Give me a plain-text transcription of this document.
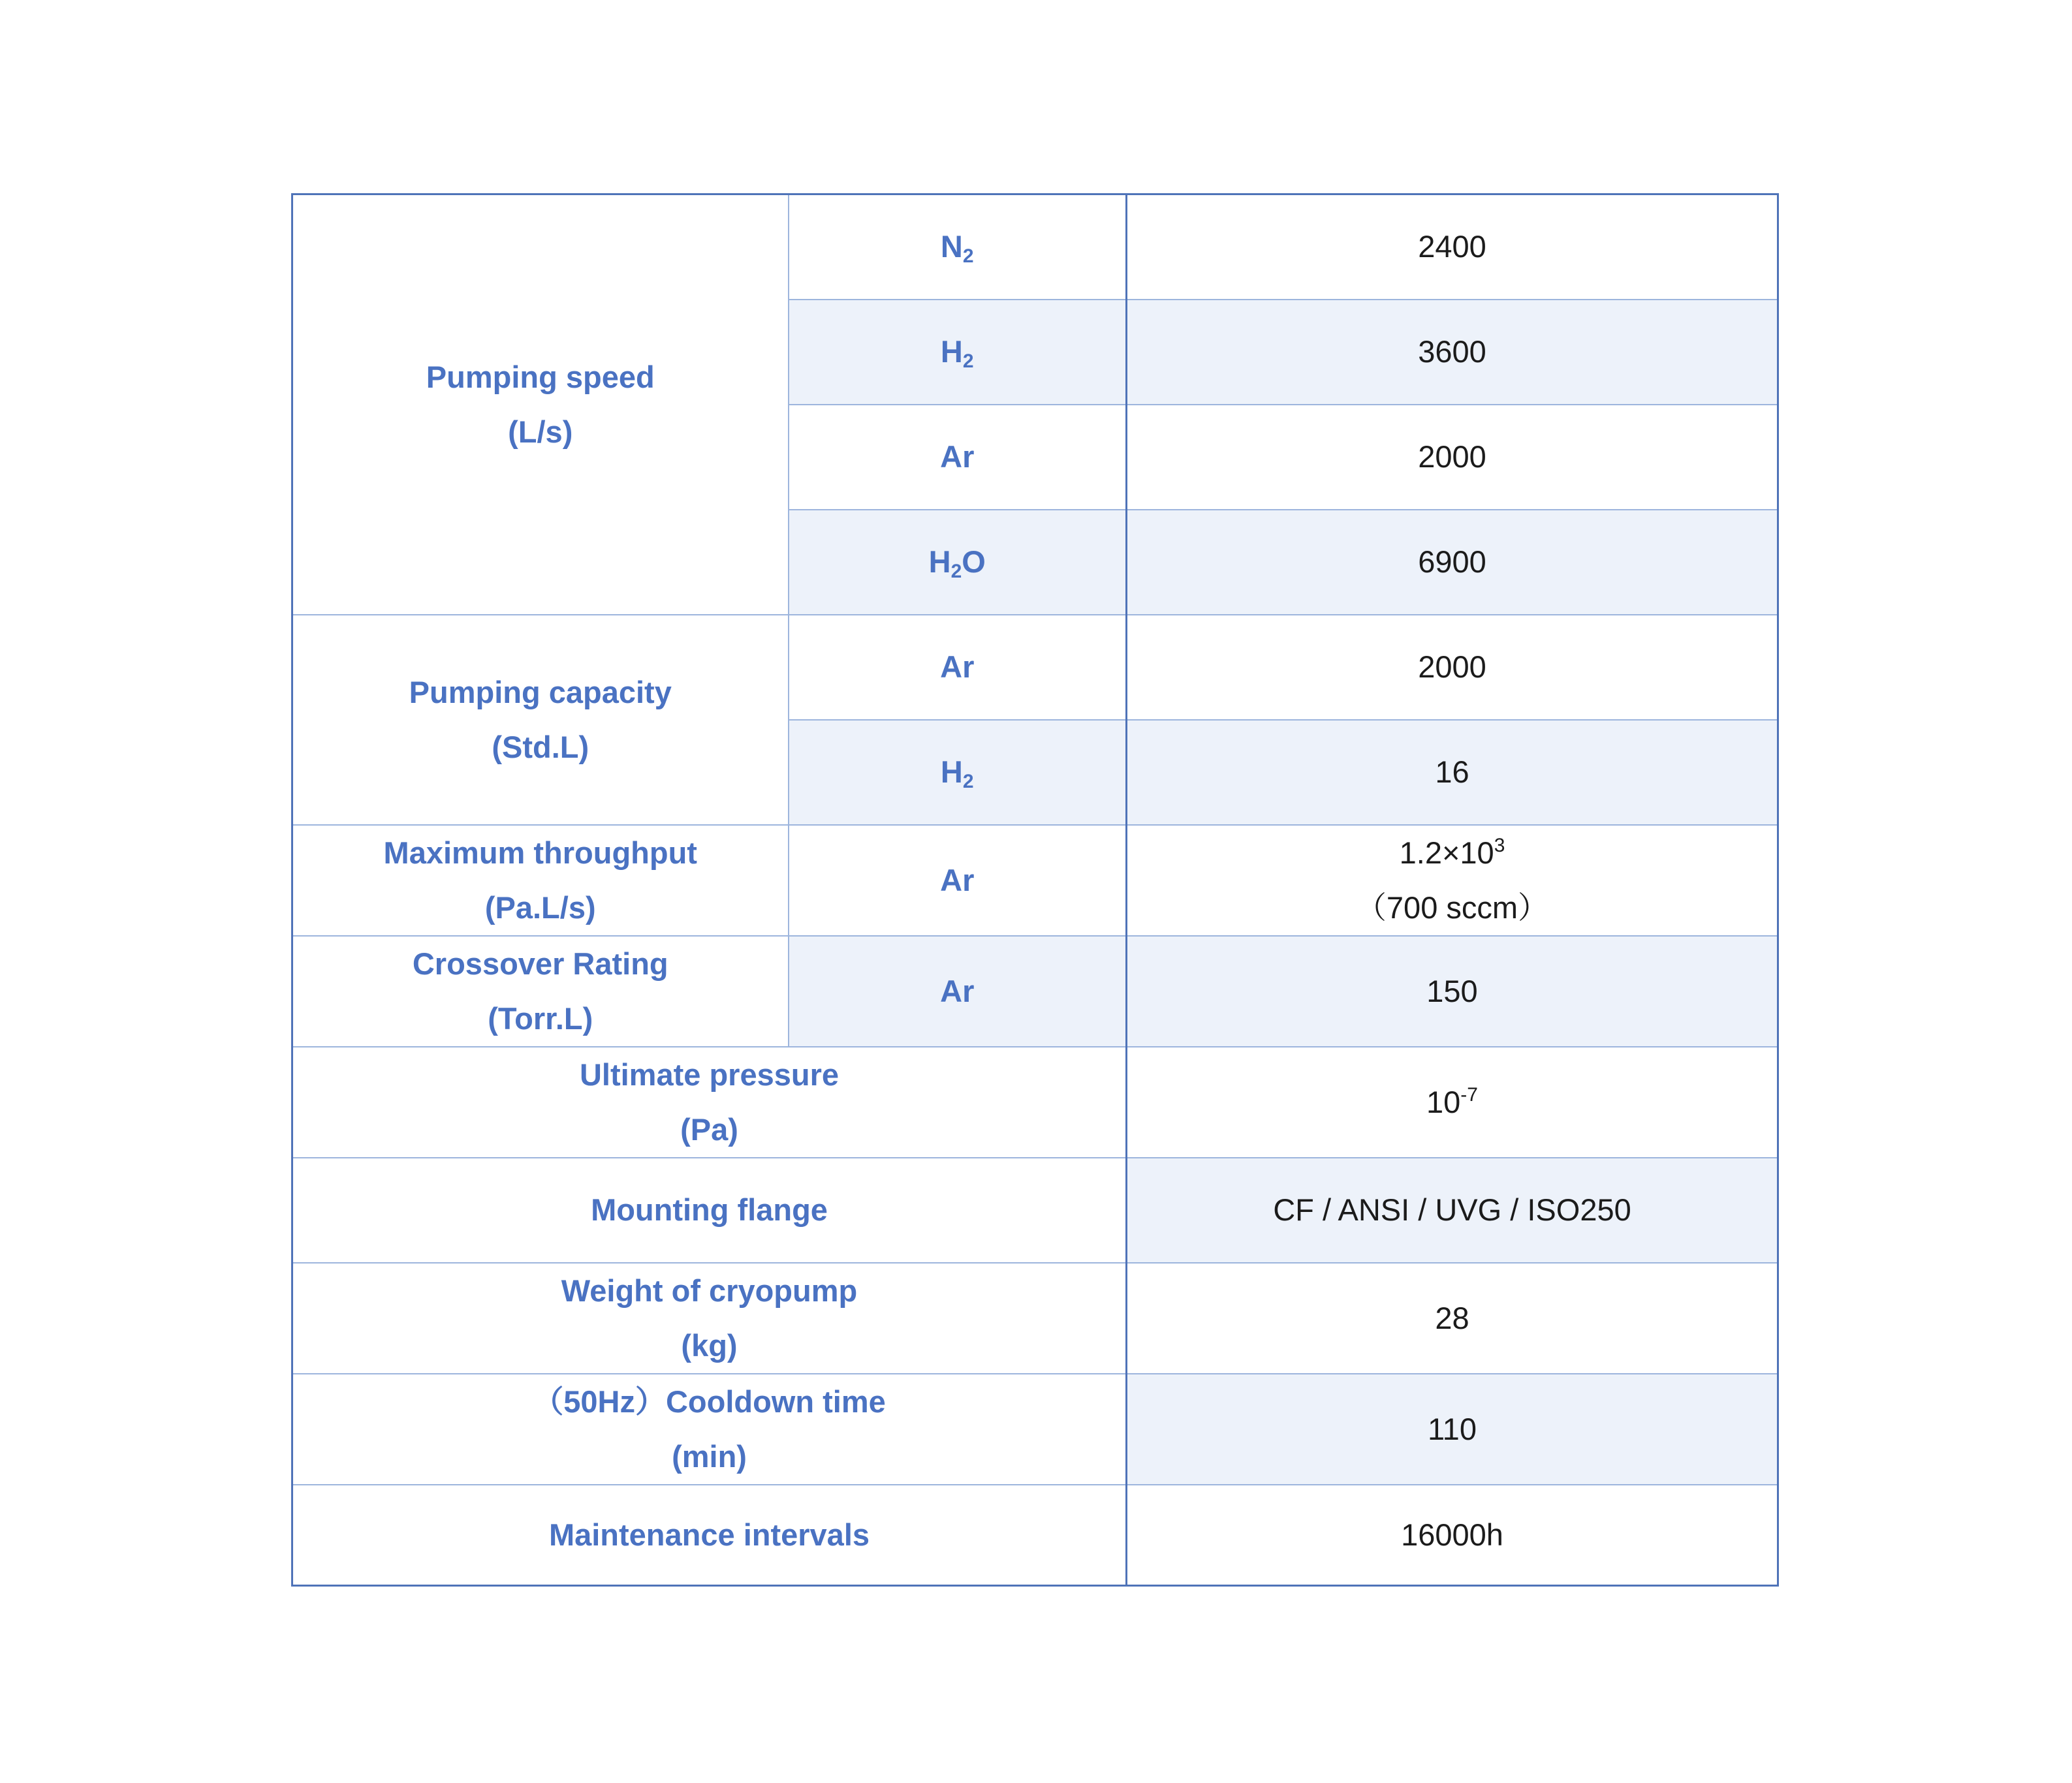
Pumping speed
(L/s)	$N_2$	2400
	$H_2$	3600
	Ar	2000
	$H_2O$	6900

Pumping capacity
(Std.L)	Ar	2000
	$H_2$	16

Maximum throughput
(Pa.L/s)	Ar	$1.2\times 10^3$
（700 sccm）

Crossover Rating
(Torr.L)	Ar	150

Ultimate pressure
(Pa)		$10^{-7}$

Mounting flange		CF / ANSI / UVG / ISO250

Weight of cryopump
(kg)		28

（50Hz）Cooldown time
(min)		110

Maintenance intervals		16000h
